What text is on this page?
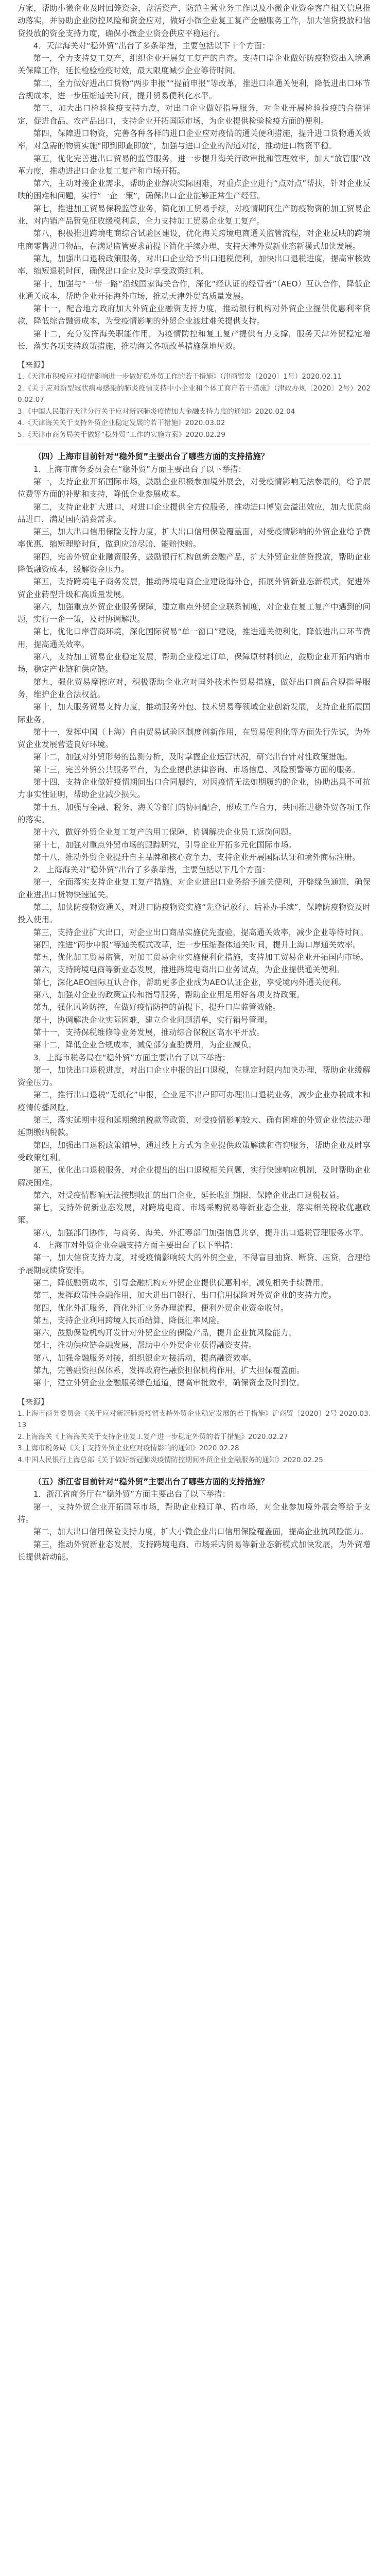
方案，帮助小微企业及时回笼资金，盘活资产，防范主营业务工作以及小微企业资金客户相关信息推动落实，并协助企业防控风险和资金应对，做好小微企业复工复产金融服务工作，加大信贷投放和信贷投放的资金支持力度，确保小微企业资金供应平稳运行。

4．天津海关对“稳外贸”出台了多条举措，主要包括以下十个方面：

第一，全力支持复工复产，组织企业开展复工复产的自查。支持口岸企业做好防疫物资出入境通关保障工作，延长检验检疫时效，最大限度减少企业等待时间。

第二，全力做好进出口货物“两步申报”“提前申报”等改革，推进口岸通关便利，降低进出口环节合规成本，进一步压缩通关时间，提升贸易便利化水平。

第三，加大出口检验检疫支持力度，对出口企业做好指导服务，对企业开展检验检疫的合格评定，促进食品、农产品出口，支持企业开拓国际市场，为企业提供检验检疫方面的便利。

第四，保障进口物资，完善各种各样的进口企业应对疫情的通关便利措施，提升进口货物通关效率，对急需的物资实施“即到即查即放”，加强与进口企业的沟通对接，推动进口物资平稳。

第五，优化完善进出口贸易的监管服务，进一步提升海关行政审批和管理效率，加大“放管服”改革力度，推动进出口企业复工复产和市场开拓。

第六，主动对接企业需求，帮助企业解决实际困难，对重点企业进行“点对点”帮扶，针对企业反映的困难和问题，实行“一企一策”，确保出口企业能够正常生产经营。

第七，推进加工贸易保税监管业务，简化加工贸易手续，对疫情期间生产防疫物资的加工贸易企业，对内销产品暂免征收缓税利息，全力支持加工贸易企业复工复产。

第八，积极推进跨境电商综合试验区建设，优化海关跨境电商通关监管流程，对企业反映的跨境电商零售进口物品，在满足监管要求前提下简化手续办理，支持天津外贸新业态新模式加快发展。

第九，加强出口退税政策服务，对出口企业给予出口退税便利，加快出口退税进度，提高审核效率，缩短退税时间，确保出口企业及时享受政策红利。

第十，加强与“一带一路”沿线国家海关合作，深化“经认证的经营者”（AEO）互认合作，降低企业通关成本，帮助企业开拓海外市场，推动天津外贸高质量发展。

第十一，配合地方政府加大外贸企业融资支持力度，推动银行机构对外贸企业提供优惠利率贷款，降低综合融资成本，为受疫情影响的外贸企业渡过难关提供支持。

第十二，充分发挥海关职能作用，为疫情防控和复工复产提供有力支撑，服务天津外贸稳定增长，落实各项支持政策措施，推动海关各项改革措施落地见效。

【来源】

1.《天津市积极应对疫情影响进一步做好稳外贸工作的若干措施》（津商贸发〔2020〕1号）2020.02.11

2.《关于应对新型冠状病毒感染的肺炎疫情支持中小企业和个体工商户若干措施》（津政办规〔2020〕2号）2020.02.07

3.《中国人民银行天津分行关于应对新冠肺炎疫情加大金融支持力度的通知》2020.02.04

4.《天津海关关于支持外贸企业稳定发展的若干措施》2020.03.02

5.《天津市商务局关于做好“稳外贸”工作的实施方案》2020.02.29

（四）上海市目前针对“稳外贸”主要出台了哪些方面的支持措施？

1．上海市商务委员会在“稳外贸”方面主要出台了以下举措：

第一，支持企业开拓国际市场，鼓励企业积极参加境外展会，对受疫情影响无法参展的，给予展位费等方面的补贴和支持，降低企业参展成本。

第二，支持企业扩大进口，对进口企业提供全方位服务，推动进口博览会溢出效应，加大优质商品进口，满足国内消费需求。

第三，加大出口信用保险支持力度，扩大出口信用保险覆盖面，对受疫情影响的外贸企业给予费率优惠，缩短理赔时间，做到应赔尽赔、能赔快赔。

第四，完善外贸企业融资服务，鼓励银行机构创新金融产品，扩大外贸企业信贷投放，帮助企业降低融资成本，缓解资金压力。

第五，支持跨境电子商务发展，推动跨境电商企业建设海外仓，拓展外贸新业态新模式，促进外贸企业转型升级和高质量发展。

第六，加强重点外贸企业服务保障，建立重点外贸企业联系制度，对企业在复工复产中遇到的问题，实行一企一策，及时协调解决。

第七，优化口岸营商环境，深化国际贸易“单一窗口”建设，推进通关便利化，降低进出口环节费用，提高通关效率。

第八，支持加工贸易企业稳定发展，帮助企业稳定订单，保障原材料供应，鼓励企业开拓内销市场，稳定产业链和供应链。

第九，强化贸易摩擦应对，积极帮助企业应对国外技术性贸易措施，做好出口商品合规指导服务，维护企业合法权益。

第十，加大服务贸易支持力度，推动服务外包、技术贸易等领域企业创新发展，支持企业拓展国际业务。

第十一，发挥中国（上海）自由贸易试验区制度创新作用，在贸易便利化等方面先行先试，为外贸企业发展营造良好环境。

第十二，加强对外贸形势的监测分析，及时掌握企业运营状况，研究出台针对性政策措施。

第十三，完善外贸公共服务平台，为企业提供法律咨询、市场信息、风险预警等方面的服务。

第十四，支持企业做好疫情期间出口合同履约，对因疫情无法如期履约的企业，协助出具不可抗力事实性证明，帮助企业减少损失。

第十五，加强与金融、税务、海关等部门的协同配合，形成工作合力，共同推进稳外贸各项工作的落实。

第十六，做好外贸企业复工复产的用工保障，协调解决企业员工返岗问题。

第十七，加强对重点外贸市场的跟踪研究，引导企业开拓多元化国际市场。

第十八，推动外贸企业提升自主品牌和核心竞争力，支持企业开展国际认证和境外商标注册。

2．上海海关对“稳外贸”出台了多条举措，主要包括以下几个方面：

第一，全面落实支持企业复工复产措施，对企业进出口业务给予通关便利，开辟绿色通道，确保企业进出口货物快速通关。

第二，加快防疫物资通关，对进口防疫物资实施“先登记放行、后补办手续”，保障防疫物资及时投入使用。

第三，支持企业扩大出口，对企业出口商品实施优先查验，提高通关效率，减少企业等待时间。

第四，推进“两步申报”等通关模式改革，进一步压缩整体通关时间，提升上海口岸通关效率。

第五，优化加工贸易监管，对加工贸易企业实施便利化措施，支持加工贸易企业开拓国内市场。

第六，支持跨境电商等新业态发展，推进跨境电商出口业务试点，为企业提供通关便利。

第七，深化AEO国际互认合作，帮助更多企业成为AEO认证企业，享受境内外通关便利。

第八，加强对企业的政策宣传和指导服务，帮助企业用足用好各项支持政策。

第九，强化风险防控，在做好疫情防控的前提下，提升口岸监管效能。

第十，协调解决企业实际困难，建立企业问题清单，实行销号管理。

第十一，支持保税维修等业务发展，推动综合保税区高水平开放。

第十二，降低企业合规成本，减免部分查验费用，为企业减负。

3．上海市税务局在“稳外贸”方面主要出台了以下举措：

第一，加快出口退税进度，对出口企业申报的出口退税，在规定时限内加快办理，帮助企业缓解资金压力。

第二，推行出口退税“无纸化”申报，企业足不出户即可办理出口退税业务，减少企业办税成本和疫情传播风险。

第三，落实延期申报和延期缴纳税款等政策，对受疫情影响较大、确有困难的外贸企业依法办理延期缴纳税款。

第四，加强出口退税政策辅导，通过线上方式为企业提供政策解读和咨询服务，帮助企业及时享受政策红利。

第五，优化出口退税服务，对企业提出的出口退税相关问题，实行快速响应机制，及时帮助企业解决困难。

第六，对受疫情影响无法按期收汇的出口企业，延长收汇期限，保障企业出口退税权益。

第七，支持外贸新业态发展，对跨境电商、市场采购贸易等新业态企业，落实相关税收优惠政策。

第八，加强部门协作，与商务、海关、外汇等部门加强信息共享，提升出口退税管理服务水平。

4．上海市对外贸企业金融支持方面主要出台了以下举措：

第一，加大信贷支持力度，对受疫情影响较大的外贸企业，不得盲目抽贷、断贷、压贷，合理给予展期或续贷安排。

第二，降低融资成本，引导金融机构对外贸企业提供优惠利率，减免相关手续费用。

第三，发挥政策性金融作用，加大进出口银行、出口信用保险对外贸企业的支持力度。

第四，优化外汇服务，简化外汇业务办理流程，便利外贸企业资金收付。

第五，支持企业利用跨境人民币结算，降低汇率风险。

第六，鼓励保险机构开发针对外贸企业的保险产品，提升企业抗风险能力。

第七，推动供应链金融发展，帮助中小外贸企业获得融资支持。

第八，加强金融服务对接，组织银企对接活动，提高融资效率。

第九，完善融资担保体系，发挥政府性融资担保机构作用，扩大担保覆盖面。

第十，建立外贸企业金融服务绿色通道，提高审批效率，确保资金及时到位。

【来源】

1.上海市商务委员会《关于应对新冠肺炎疫情支持外贸企业稳定发展的若干措施》沪商贸〔2020〕2号 2020.03.13

2.上海海关《上海海关关于支持企业复工复产进一步稳定外贸的若干措施》2020.02.27

3.上海市税务局《关于支持外贸企业应对疫情影响的通知》2020.02.28

4.中国人民银行上海总部《关于做好新冠肺炎疫情防控期间外贸企业金融服务的通知》2020.02.25

（五）浙江省目前针对“稳外贸”主要出台了哪些方面的支持措施？

1．浙江省商务厅在“稳外贸”方面主要出台了以下举措：

第一，支持外贸企业开拓国际市场，帮助企业稳订单、拓市场，对企业参加境外展会等给予支持。

第二，加大出口信用保险支持力度，扩大小微企业出口信用保险覆盖面，提高企业抗风险能力。

第三，推动外贸新业态发展，支持跨境电商、市场采购贸易等新业态新模式加快发展，为外贸增长提供新动能。
